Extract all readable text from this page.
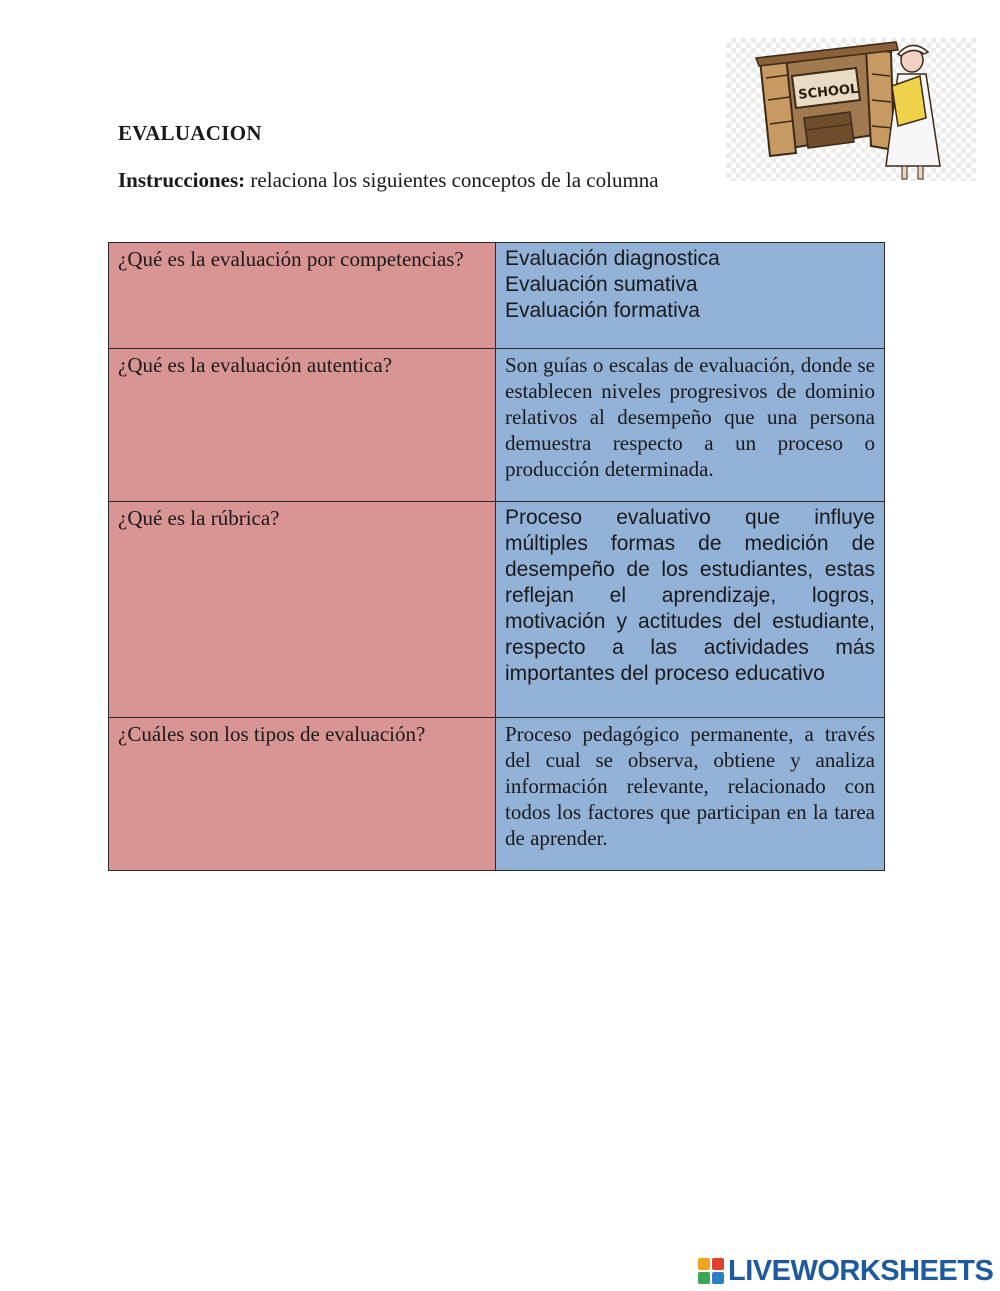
EVALUACION
Instrucciones: relaciona los siguientes conceptos de la columna
SCHOOL
¿Qué es la evaluación por competencias?	Evaluación diagnostica
Evaluación sumativa
Evaluación formativa

¿Qué es la evaluación autentica?	Son guías o escalas de evaluación, donde se establecen niveles progresivos de dominio relativos al desempeño que una persona demuestra respecto a un proceso o producción determinada.

¿Qué es la rúbrica?	Proceso evaluativo que influye múltiples formas de medición de desempeño de los estudiantes, estas reflejan el aprendizaje, logros, motivación y actitudes del estudiante, respecto a las actividades más importantes del proceso educativo

¿Cuáles son los tipos de evaluación?	Proceso pedagógico permanente, a través del cual se observa, obtiene y analiza información relevante, relacionado con todos los factores que participan en la tarea de aprender.
LIVEWORKSHEETS
